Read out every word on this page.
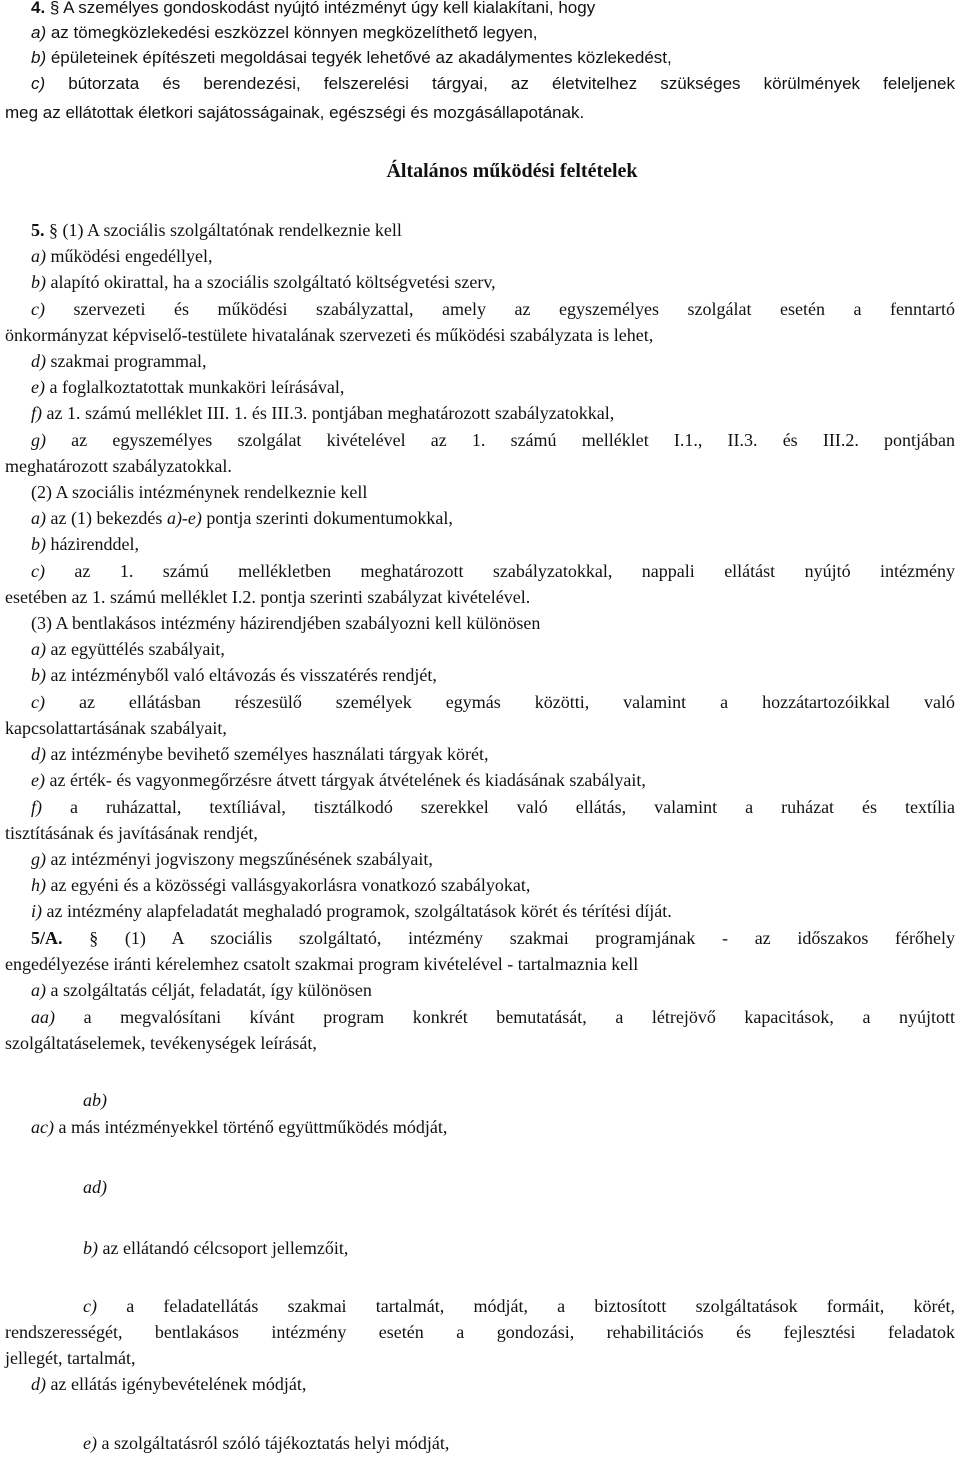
4. § A személyes gondoskodást nyújtó intézményt úgy kell kialakítani, hogy
a) az tömegközlekedési eszközzel könnyen megközelíthető legyen,
b) épületeinek építészeti megoldásai tegyék lehetővé az akadálymentes közlekedést,
c) bútorzata és berendezési, felszerelési tárgyai, az életvitelhez szükséges körülmények feleljenek
meg az ellátottak életkori sajátosságainak, egészségi és mozgásállapotának.
Általános működési feltételek
5. § (1) A szociális szolgáltatónak rendelkeznie kell
a) működési engedéllyel,
b) alapító okirattal, ha a szociális szolgáltató költségvetési szerv,
c) szervezeti és működési szabályzattal, amely az egyszemélyes szolgálat esetén a fenntartó
önkormányzat képviselő-testülete hivatalának szervezeti és működési szabályzata is lehet,
d) szakmai programmal,
e) a foglalkoztatottak munkaköri leírásával,
f) az 1. számú melléklet III. 1. és III.3. pontjában meghatározott szabályzatokkal,
g) az egyszemélyes szolgálat kivételével az 1. számú melléklet I.1., II.3. és III.2. pontjában
meghatározott szabályzatokkal.
(2) A szociális intézménynek rendelkeznie kell
a) az (1) bekezdés a)-e) pontja szerinti dokumentumokkal,
b) házirenddel,
c) az 1. számú mellékletben meghatározott szabályzatokkal, nappali ellátást nyújtó intézmény
esetében az 1. számú melléklet I.2. pontja szerinti szabályzat kivételével.
(3) A bentlakásos intézmény házirendjében szabályozni kell különösen
a) az együttélés szabályait,
b) az intézményből való eltávozás és visszatérés rendjét,
c) az ellátásban részesülő személyek egymás közötti, valamint a hozzátartozóikkal való
kapcsolattartásának szabályait,
d) az intézménybe bevihető személyes használati tárgyak körét,
e) az érték- és vagyonmegőrzésre átvett tárgyak átvételének és kiadásának szabályait,
f) a ruházattal, textíliával, tisztálkodó szerekkel való ellátás, valamint a ruházat és textília
tisztításának és javításának rendjét,
g) az intézményi jogviszony megszűnésének szabályait,
h) az egyéni és a közösségi vallásgyakorlásra vonatkozó szabályokat,
i) az intézmény alapfeladatát meghaladó programok, szolgáltatások körét és térítési díját.
5/A. § (1) A szociális szolgáltató, intézmény szakmai programjának - az időszakos férőhely
engedélyezése iránti kérelemhez csatolt szakmai program kivételével - tartalmaznia kell
a) a szolgáltatás célját, feladatát, így különösen
aa) a megvalósítani kívánt program konkrét bemutatását, a létrejövő kapacitások, a nyújtott
szolgáltatáselemek, tevékenységek leírását,
ab)
ac) a más intézményekkel történő együttműködés módját,
ad)
b) az ellátandó célcsoport jellemzőit,
c) a feladatellátás szakmai tartalmát, módját, a biztosított szolgáltatások formáit, körét,
rendszerességét, bentlakásos intézmény esetén a gondozási, rehabilitációs és fejlesztési feladatok
jellegét, tartalmát,
d) az ellátás igénybevételének módját,
e) a szolgáltatásról szóló tájékoztatás helyi módját,
